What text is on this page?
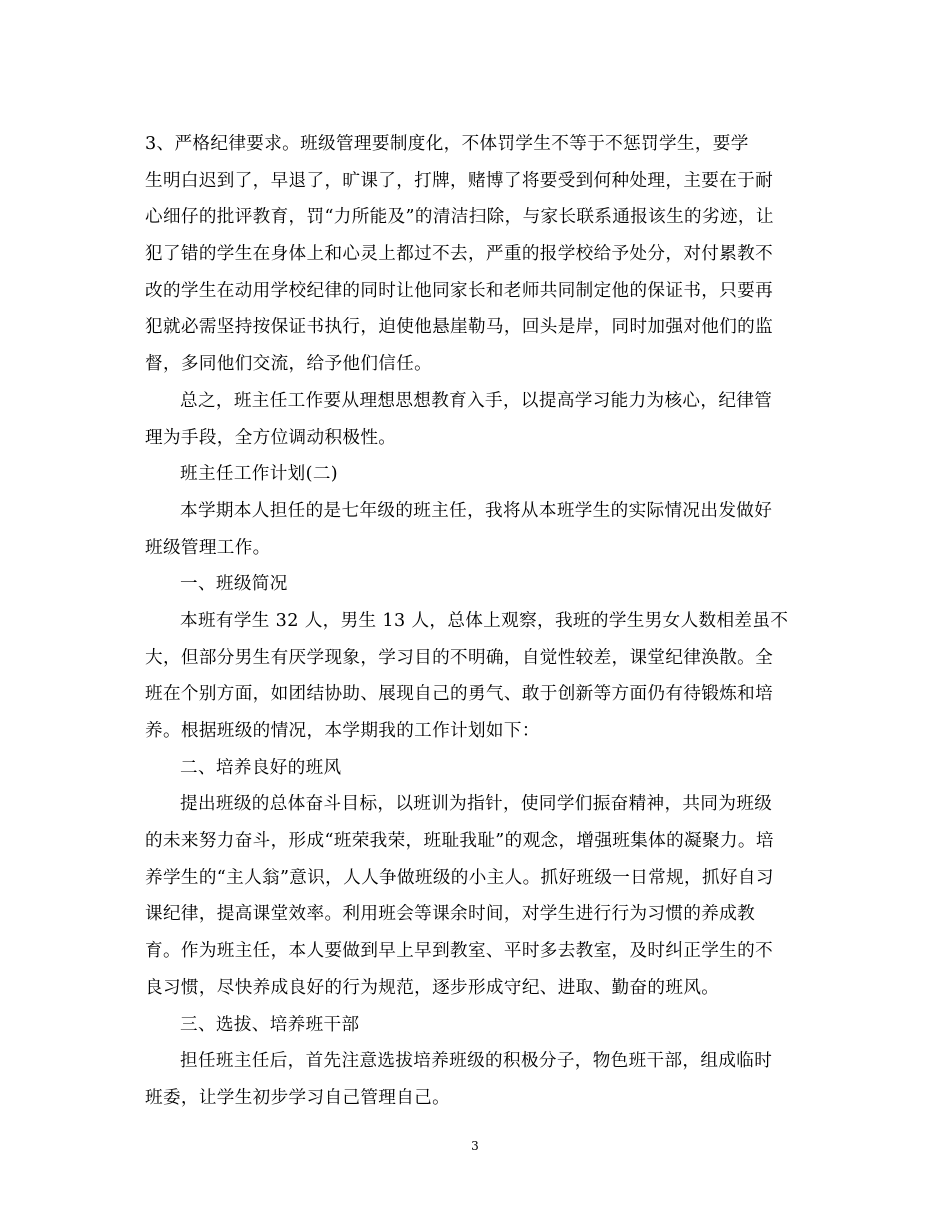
3、严格纪律要求。班级管理要制度化，不体罚学生不等于不惩罚学生，要学
生明白迟到了，早退了，旷课了，打牌，赌博了将要受到何种处理，主要在于耐
心细仔的批评教育，罚“力所能及”的清洁扫除，与家长联系通报该生的劣迹，让
犯了错的学生在身体上和心灵上都过不去，严重的报学校给予处分，对付累教不
改的学生在动用学校纪律的同时让他同家长和老师共同制定他的保证书，只要再
犯就必需坚持按保证书执行，迫使他悬崖勒马，回头是岸，同时加强对他们的监
督，多同他们交流，给予他们信任。
总之，班主任工作要从理想思想教育入手，以提高学习能力为核心，纪律管
理为手段，全方位调动积极性。
班主任工作计划(二)
本学期本人担任的是七年级的班主任，我将从本班学生的实际情况出发做好
班级管理工作。
一、班级简况
本班有学生 32 人，男生 13 人，总体上观察，我班的学生男女人数相差虽不
大，但部分男生有厌学现象，学习目的不明确，自觉性较差，课堂纪律涣散。全
班在个别方面，如团结协助、展现自己的勇气、敢于创新等方面仍有待锻炼和培
养。根据班级的情况，本学期我的工作计划如下：
二、培养良好的班风
提出班级的总体奋斗目标，以班训为指针，使同学们振奋精神，共同为班级
的未来努力奋斗，形成“班荣我荣，班耻我耻”的观念，增强班集体的凝聚力。培
养学生的“主人翁”意识，人人争做班级的小主人。抓好班级一日常规，抓好自习
课纪律，提高课堂效率。利用班会等课余时间，对学生进行行为习惯的养成教
育。作为班主任，本人要做到早上早到教室、平时多去教室，及时纠正学生的不
良习惯，尽快养成良好的行为规范，逐步形成守纪、进取、勤奋的班风。
三、选拔、培养班干部
担任班主任后，首先注意选拔培养班级的积极分子，物色班干部，组成临时
班委，让学生初步学习自己管理自己。
3
